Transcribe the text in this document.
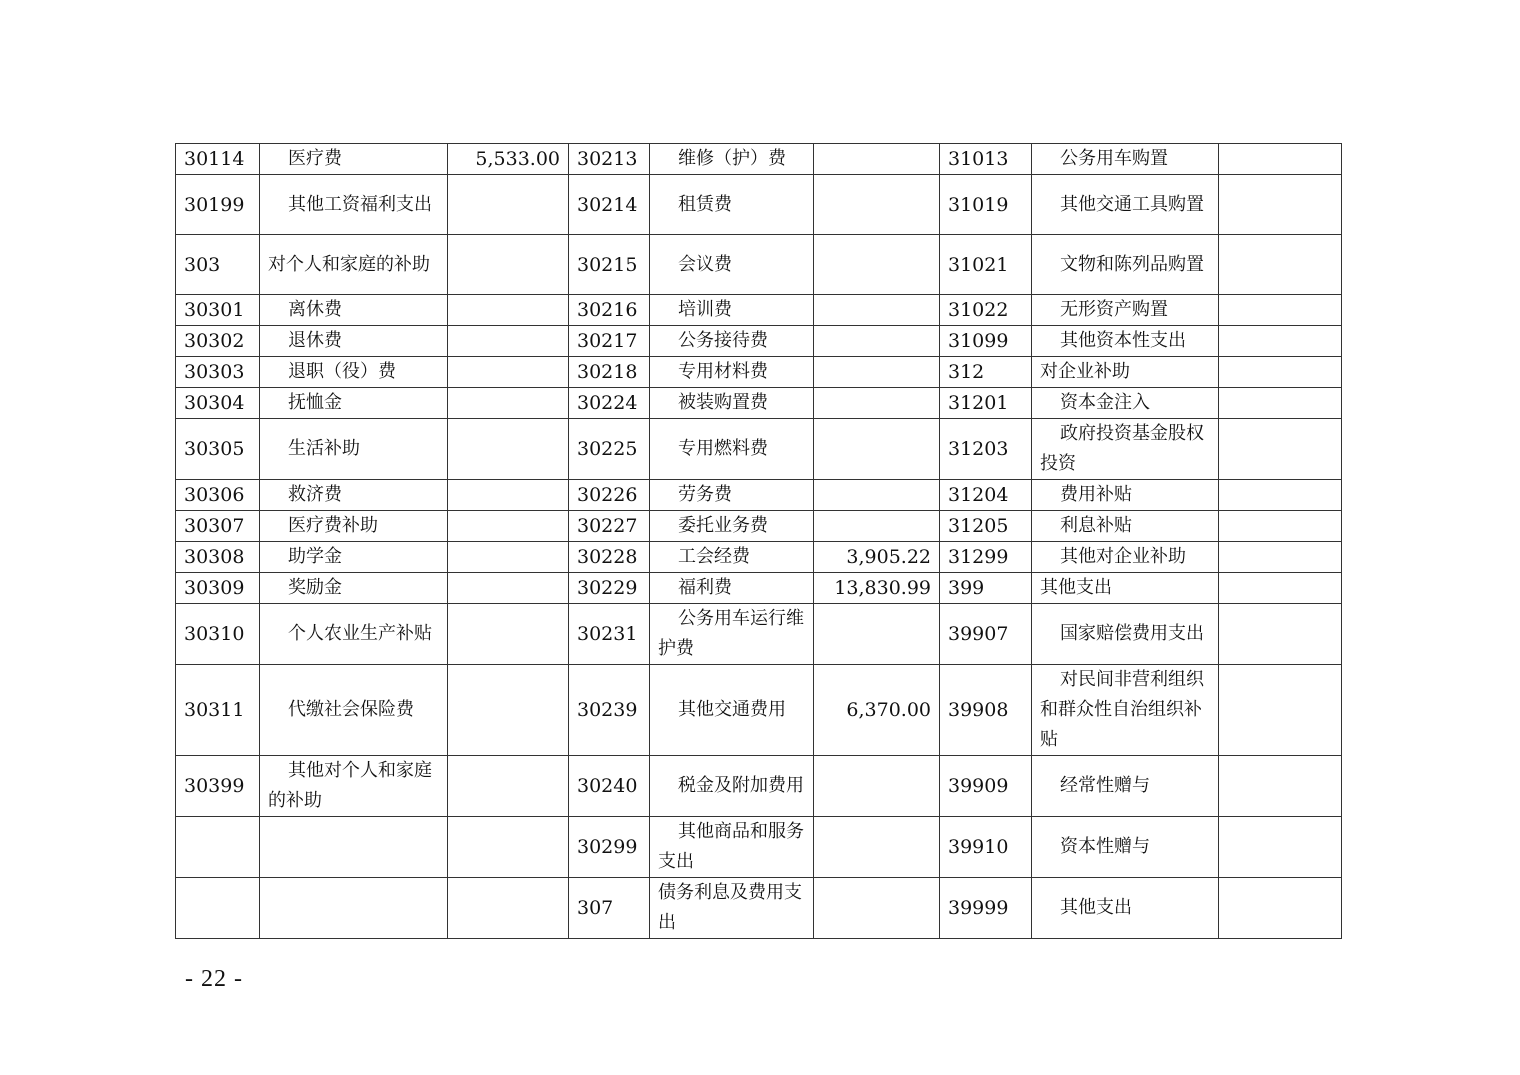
30114	医疗费	5,533.00	30213	维修（护）费		31013	公务用车购置	
30199	其他工资福利支出		30214	租赁费		31019	其他交通工具购置	
303	对个人和家庭的补助		30215	会议费		31021	文物和陈列品购置	
30301	离休费		30216	培训费		31022	无形资产购置	
30302	退休费		30217	公务接待费		31099	其他资本性支出	
30303	退职（役）费		30218	专用材料费		312	对企业补助	
30304	抚恤金		30224	被装购置费		31201	资本金注入	
30305	生活补助		30225	专用燃料费		31203	政府投资基金股权投资	
30306	救济费		30226	劳务费		31204	费用补贴	
30307	医疗费补助		30227	委托业务费		31205	利息补贴	
30308	助学金		30228	工会经费	3,905.22	31299	其他对企业补助	
30309	奖励金		30229	福利费	13,830.99	399	其他支出	
30310	个人农业生产补贴		30231	公务用车运行维护费		39907	国家赔偿费用支出	
30311	代缴社会保险费		30239	其他交通费用	6,370.00	39908	对民间非营利组织和群众性自治组织补贴	
30399	其他对个人和家庭的补助		30240	税金及附加费用		39909	经常性赠与	
			30299	其他商品和服务支出		39910	资本性赠与	
			307	债务利息及费用支出		39999	其他支出	
- 22 -
